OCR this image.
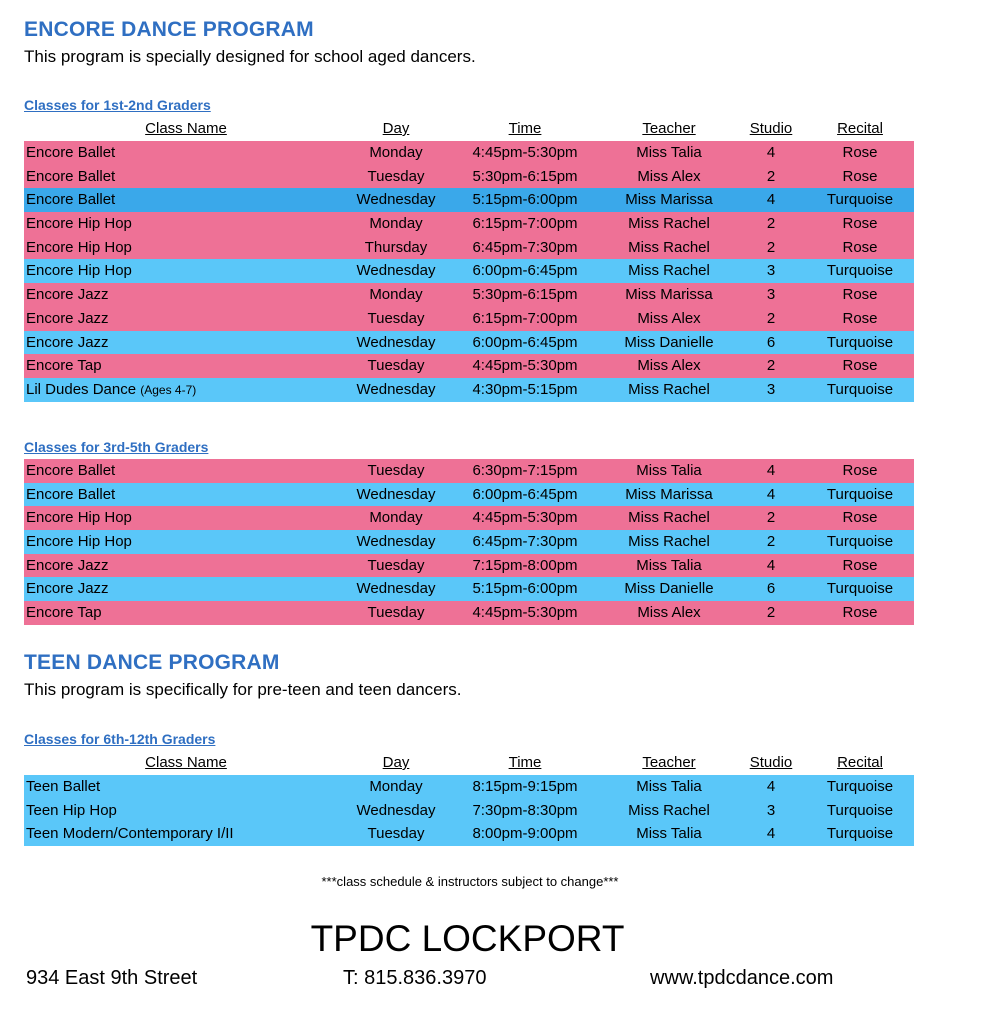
ENCORE DANCE PROGRAM
This program is specially designed for school aged dancers.
Classes for 1st-2nd Graders
Class Name	Day	Time	Teacher	Studio	Recital
Encore Ballet	Monday	4:45pm-5:30pm	Miss Talia	4	Rose
Encore Ballet	Tuesday	5:30pm-6:15pm	Miss Alex	2	Rose
Encore Ballet	Wednesday	5:15pm-6:00pm	Miss Marissa	4	Turquoise
Encore Hip Hop	Monday	6:15pm-7:00pm	Miss Rachel	2	Rose
Encore Hip Hop	Thursday	6:45pm-7:30pm	Miss Rachel	2	Rose
Encore Hip Hop	Wednesday	6:00pm-6:45pm	Miss Rachel	3	Turquoise
Encore Jazz	Monday	5:30pm-6:15pm	Miss Marissa	3	Rose
Encore Jazz	Tuesday	6:15pm-7:00pm	Miss Alex	2	Rose
Encore Jazz	Wednesday	6:00pm-6:45pm	Miss Danielle	6	Turquoise
Encore Tap	Tuesday	4:45pm-5:30pm	Miss Alex	2	Rose
Lil Dudes Dance (Ages 4-7)	Wednesday	4:30pm-5:15pm	Miss Rachel	3	Turquoise
Classes for 3rd-5th Graders
Encore Ballet	Tuesday	6:30pm-7:15pm	Miss Talia	4	Rose
Encore Ballet	Wednesday	6:00pm-6:45pm	Miss Marissa	4	Turquoise
Encore Hip Hop	Monday	4:45pm-5:30pm	Miss Rachel	2	Rose
Encore Hip Hop	Wednesday	6:45pm-7:30pm	Miss Rachel	2	Turquoise
Encore Jazz	Tuesday	7:15pm-8:00pm	Miss Talia	4	Rose
Encore Jazz	Wednesday	5:15pm-6:00pm	Miss Danielle	6	Turquoise
Encore Tap	Tuesday	4:45pm-5:30pm	Miss Alex	2	Rose
TEEN DANCE PROGRAM
This program is specifically for pre-teen and teen dancers.
Classes for 6th-12th Graders
Class Name	Day	Time	Teacher	Studio	Recital
Teen Ballet	Monday	8:15pm-9:15pm	Miss Talia	4	Turquoise
Teen Hip Hop	Wednesday	7:30pm-8:30pm	Miss Rachel	3	Turquoise
Teen Modern/Contemporary I/II	Tuesday	8:00pm-9:00pm	Miss Talia	4	Turquoise
***class schedule & instructors subject to change***
TPDC LOCKPORT
934 East 9th Street	T: 815.836.3970	www.tpdcdance.com
